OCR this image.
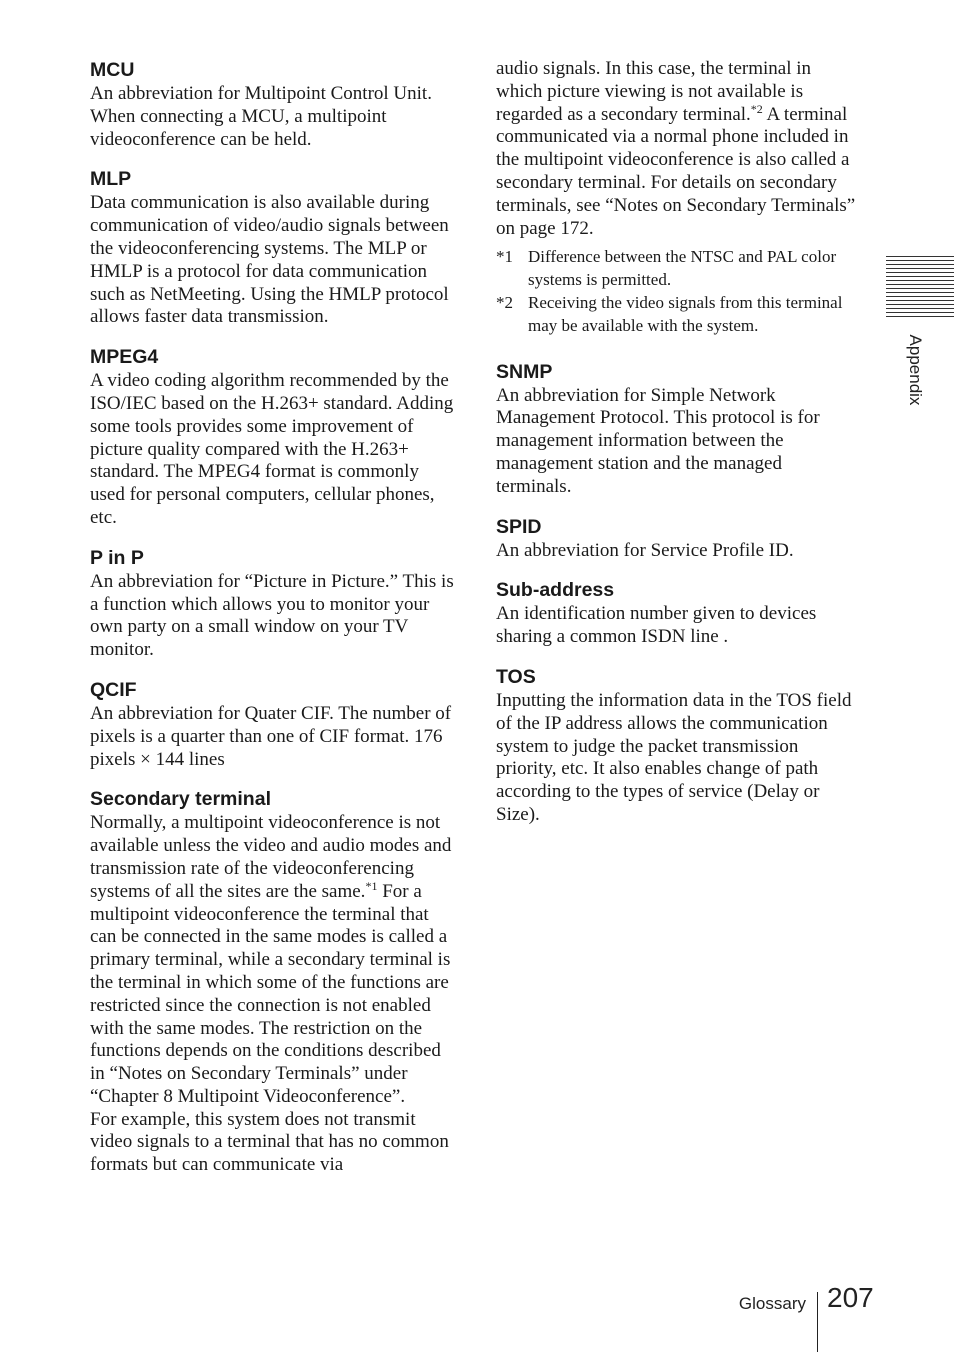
MCU
An abbreviation for Multipoint Control Unit. When connecting a MCU, a multipoint videoconference can be held.
MLP
Data communication is also available during communication of video/audio signals between the videoconferencing systems. The MLP or HMLP is a protocol for data communication such as NetMeeting. Using the HMLP protocol allows faster data transmission.
MPEG4
A video coding algorithm recommended by the ISO/IEC based on the H.263+ standard. Adding some tools provides some improvement of picture quality compared with the H.263+ standard. The MPEG4 format is commonly used for personal computers, cellular phones, etc.
P in P
An abbreviation for “Picture in Picture.” This is a function which allows you to monitor your own party on a small window on your TV monitor.
QCIF
An abbreviation for Quater CIF. The number of pixels is a quarter than one of CIF format. 176 pixels × 144 lines
Secondary terminal

Normally, a multipoint videoconference is not available unless the video and audio modes and transmission rate of the videoconferencing systems of all the sites are the same.$^{*1}$ For a multipoint videoconference the terminal that can be connected in the same modes is called a primary terminal, while a secondary terminal is the terminal in which some of the functions are restricted since the connection is not enabled with the same modes. The restriction on the functions depends on the conditions described in “Notes on Secondary Terminals” under “Chapter 8 Multipoint Videoconference”.

For example, this system does not transmit video signals to a terminal that has no common formats but can communicate via

audio signals. In this case, the terminal in which picture viewing is not available is regarded as a secondary terminal.$^{*2}$ A terminal communicated via a normal phone included in the multipoint videoconference is also called a secondary terminal. For details on secondary terminals, see “Notes on Secondary Terminals” on page 172.

*1 Difference between the NTSC and PAL color systems is permitted.
*2 Receiving the video signals from this terminal may be available with the system.
SNMP
An abbreviation for Simple Network Management Protocol. This protocol is for management information between the management station and the managed terminals.
SPID
An abbreviation for Service Profile ID.
Sub-address
An identification number given to devices sharing a common ISDN line .
TOS
Inputting the information data in the TOS field of the IP address allows the communication system to judge the packet transmission priority, etc. It also enables change of path according to the types of service (Delay or Size).
Appendix
Glossary 207
